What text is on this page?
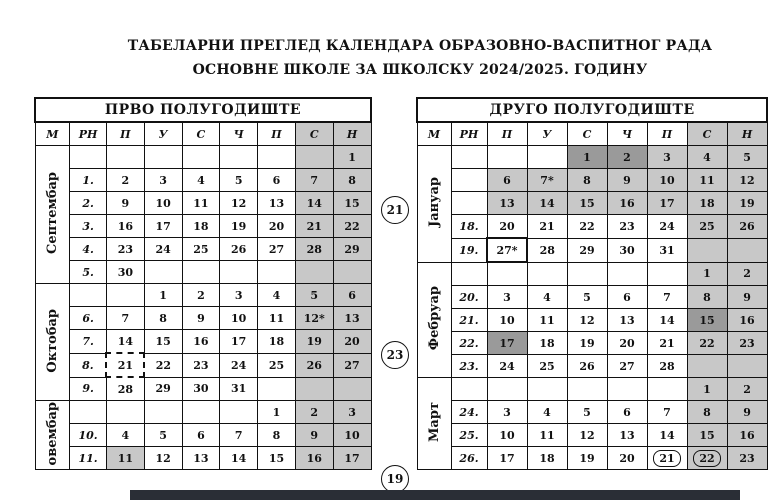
ТАБЕЛАРНИ ПРЕГЛЕД КАЛЕНДАРА ОБРАЗОВНО-ВАСПИТНОГ РАДА
ОСНОВНЕ ШКОЛЕ ЗА ШКОЛСКУ 2024/2025. ГОДИНУ
ПРВО ПОЛУГОДИШТЕ								
М	РН	П	У	С	Ч	П	С	Н
Септембар								1
	1.	2	3	4	5	6	7	8
	2.	9	10	11	12	13	14	15
	3.	16	17	18	19	20	21	22
	4.	23	24	25	26	27	28	29
	5.	30						
Октобар			1	2	3	4	5	6
	6.	7	8	9	10	11	12*	13
	7.	14	15	16	17	18	19	20
	8.	21	22	23	24	25	26	27
	9.	28	29	30	31			
овембар						1	2	3
	10.	4	5	6	7	8	9	10
	11.	11	12	13	14	15	16	17
ДРУГО ПОЛУГОДИШТЕ								
М	РН	П	У	С	Ч	П	С	Н
Јануар				1	2	3	4	5
		6	7*	8	9	10	11	12
		13	14	15	16	17	18	19
	18.	20	21	22	23	24	25	26
	19.	27*	28	29	30	31		
Фебруар							1	2
	20.	3	4	5	6	7	8	9
	21.	10	11	12	13	14	15	16
	22.	17	18	19	20	21	22	23
	23.	24	25	26	27	28		
Март							1	2
	24.	3	4	5	6	7	8	9
	25.	10	11	12	13	14	15	16
	26.	17	18	19	20	21	22	23
21
23
19
